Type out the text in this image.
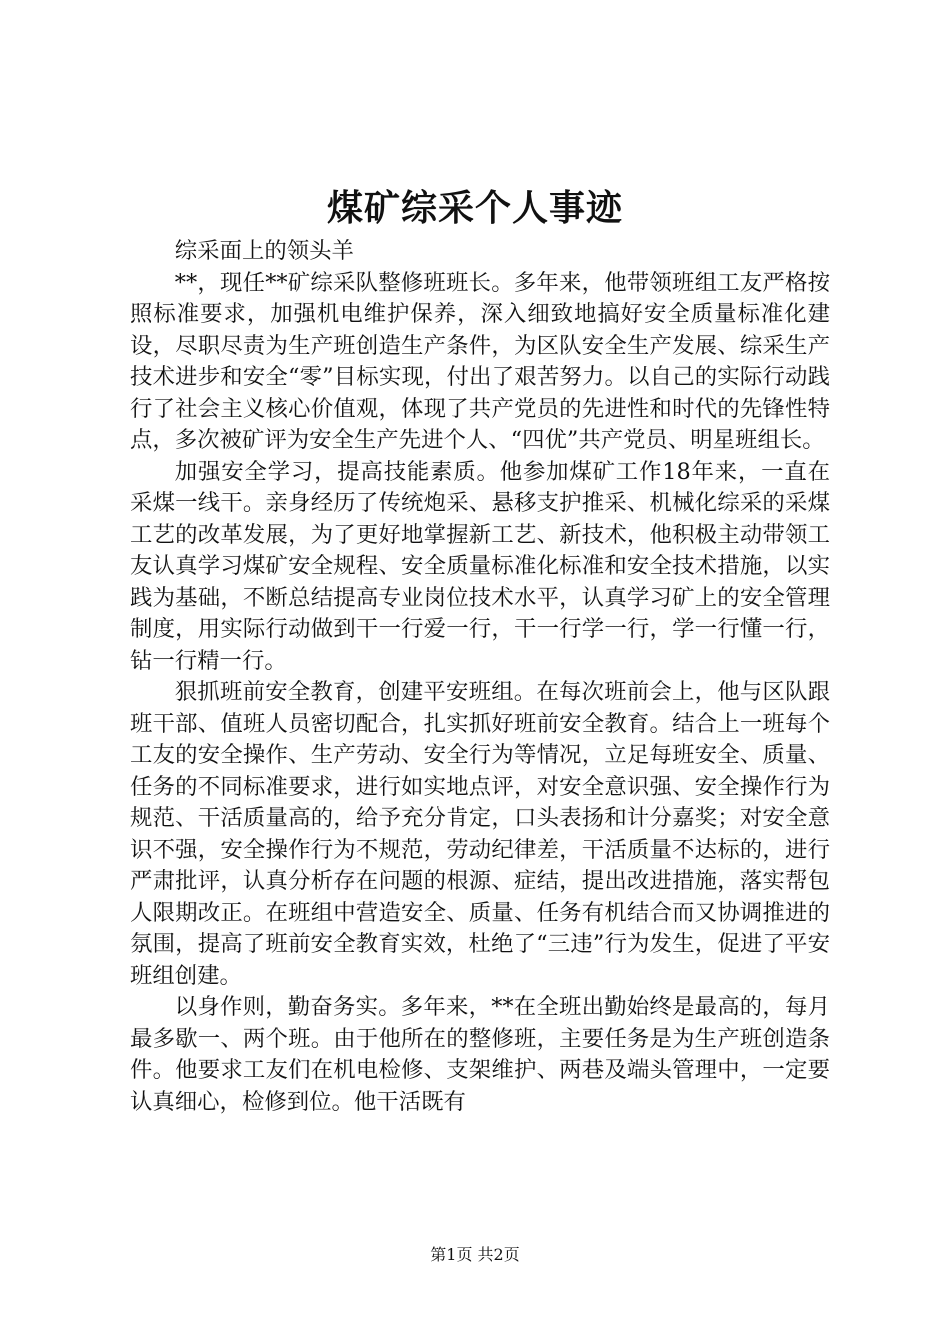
煤矿综采个人事迹

综采面上的领头羊

**，现任**矿综采队整修班班长。多年来，他带领班组工友严格按照标准要求，加强机电维护保养，深入细致地搞好安全质量标准化建设，尽职尽责为生产班创造生产条件，为区队安全生产发展、综采生产技术进步和安全“零”目标实现，付出了艰苦努力。以自己的实际行动践行了社会主义核心价值观，体现了共产党员的先进性和时代的先锋性特点，多次被矿评为安全生产先进个人、“四优”共产党员、明星班组长。

加强安全学习，提高技能素质。他参加煤矿工作18年来，一直在采煤一线干。亲身经历了传统炮采、悬移支护推采、机械化综采的采煤工艺的改革发展，为了更好地掌握新工艺、新技术，他积极主动带领工友认真学习煤矿安全规程、安全质量标准化标准和安全技术措施，以实践为基础，不断总结提高专业岗位技术水平，认真学习矿上的安全管理制度，用实际行动做到干一行爱一行，干一行学一行，学一行懂一行，钻一行精一行。

狠抓班前安全教育，创建平安班组。在每次班前会上，他与区队跟班干部、值班人员密切配合，扎实抓好班前安全教育。结合上一班每个工友的安全操作、生产劳动、安全行为等情况，立足每班安全、质量、任务的不同标准要求，进行如实地点评，对安全意识强、安全操作行为规范、干活质量高的，给予充分肯定，口头表扬和计分嘉奖；对安全意识不强，安全操作行为不规范，劳动纪律差，干活质量不达标的，进行严肃批评，认真分析存在问题的根源、症结，提出改进措施，落实帮包人限期改正。在班组中营造安全、质量、任务有机结合而又协调推进的氛围，提高了班前安全教育实效，杜绝了“三违”行为发生，促进了平安班组创建。

以身作则，勤奋务实。多年来，**在全班出勤始终是最高的，每月最多歇一、两个班。由于他所在的整修班，主要任务是为生产班创造条件。他要求工友们在机电检修、支架维护、两巷及端头管理中，一定要认真细心，检修到位。他干活既有

第1页 共2页
